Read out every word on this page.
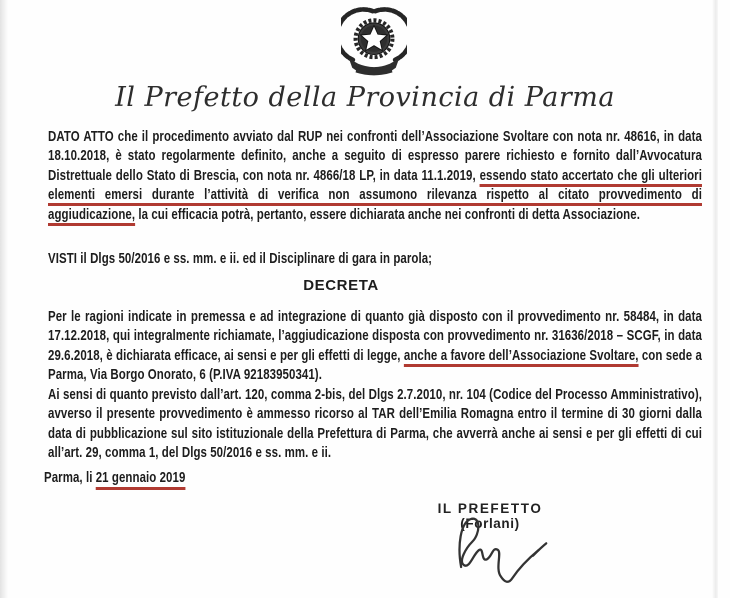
Il Prefetto della Provincia di Parma
DATO ATTO che il procedimento avviato dal RUP nei confronti dell’Associazione Svoltare con nota nr. 48616, in data 18.10.2018, è stato regolarmente definito, anche a seguito di espresso parere richiesto e fornito dall’Avvocatura Distrettuale dello Stato di Brescia, con nota nr. 4866/18 LP, in data 11.1.2019, essendo stato accertato che gli ulteriori elementi emersi durante l’attività di verifica non assumono rilevanza rispetto al citato provvedimento di aggiudicazione, la cui efficacia potrà, pertanto, essere dichiarata anche nei confronti di detta Associazione.
VISTI il Dlgs 50/2016 e ss. mm. e ii. ed il Disciplinare di gara in parola;
DECRETA
Per le ragioni indicate in premessa e ad integrazione di quanto già disposto con il provvedimento nr. 58484, in data 17.12.2018, qui integralmente richiamate, l’aggiudicazione disposta con provvedimento nr. 31636/2018 – SCGF, in data 29.6.2018, è dichiarata efficace, ai sensi e per gli effetti di legge, anche a favore dell’Associazione Svoltare, con sede a Parma, Via Borgo Onorato, 6 (P.IVA 92183950341).
Ai sensi di quanto previsto dall’art. 120, comma 2-bis, del Dlgs 2.7.2010, nr. 104 (Codice del Processo Amministrativo), avverso il presente provvedimento è ammesso ricorso al TAR dell’Emilia Romagna entro il termine di 30 giorni dalla data di pubblicazione sul sito istituzionale della Prefettura di Parma, che avverrà anche ai sensi e per gli effetti di cui all’art. 29, comma 1, del Dlgs 50/2016 e ss. mm. e ii.
Parma, li 21 gennaio 2019
IL PREFETTO
(Forlani)
